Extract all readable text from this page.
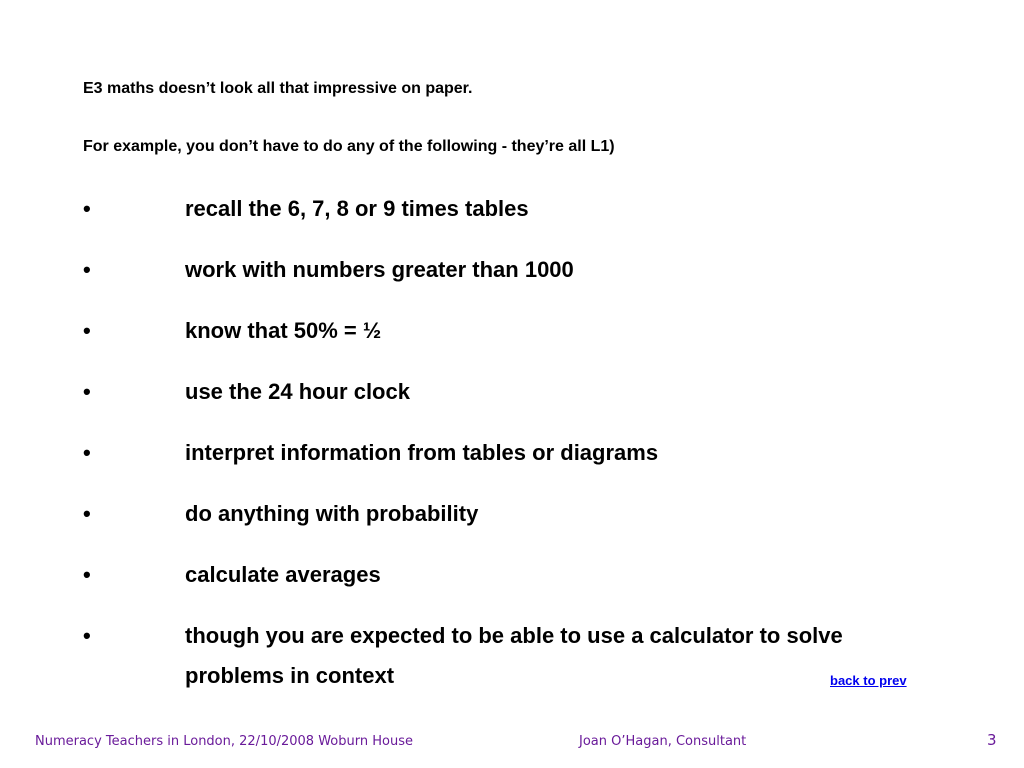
E3 maths doesn’t look all that impressive on paper.
For example, you don’t have to do any of the following - they’re all L1)
•	recall the 6, 7, 8 or 9 times tables
•	work with numbers greater than 1000
•	know that 50% = ½
•	use the 24 hour clock
•	interpret information from tables or diagrams
•	do anything with probability
•	calculate averages
•	though you are expected to be able to use a calculator to solve problems in context	back to prev
Numeracy Teachers in London, 22/10/2008 Woburn House	Joan O’Hagan, Consultant	3
